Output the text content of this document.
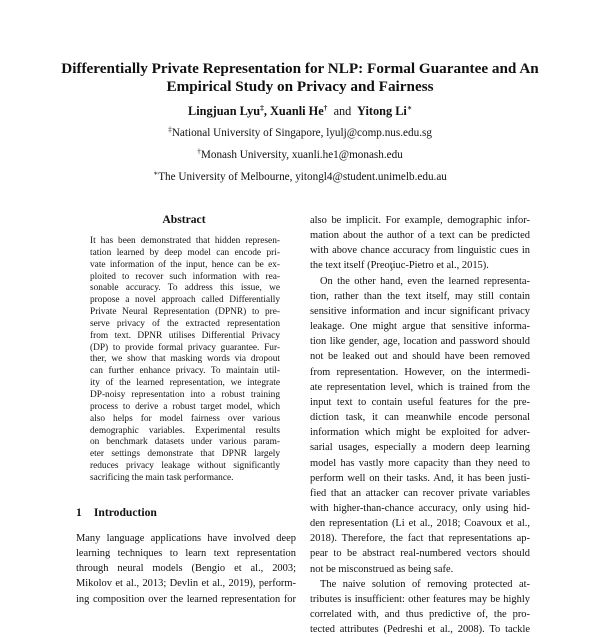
Differentially Private Representation for NLP: Formal Guarantee and An
Empirical Study on Privacy and Fairness
Lingjuan Lyu‡, Xuanli He† and Yitong Li∗
‡National University of Singapore, lyulj@comp.nus.edu.sg
†Monash University, xuanli.he1@monash.edu
∗The University of Melbourne, yitongl4@student.unimelb.edu.au
Abstract
It has been demonstrated that hidden represen-
tation learned by deep model can encode pri-
vate information of the input, hence can be ex-
ploited to recover such information with rea-
sonable accuracy. To address this issue, we
propose a novel approach called Differentially
Private Neural Representation (DPNR) to pre-
serve privacy of the extracted representation
from text. DPNR utilises Differential Privacy
(DP) to provide formal privacy guarantee. Fur-
ther, we show that masking words via dropout
can further enhance privacy. To maintain util-
ity of the learned representation, we integrate
DP-noisy representation into a robust training
process to derive a robust target model, which
also helps for model fairness over various
demographic variables. Experimental results
on benchmark datasets under various param-
eter settings demonstrate that DPNR largely
reduces privacy leakage without significantly
sacrificing the main task performance.
1 Introduction
Many language applications have involved deep
learning techniques to learn text representation
through neural models (Bengio et al., 2003;
Mikolov et al., 2013; Devlin et al., 2019), perform-
ing composition over the learned representation for
also be implicit. For example, demographic infor-
mation about the author of a text can be predicted
with above chance accuracy from linguistic cues in
the text itself (Preoţiuc-Pietro et al., 2015).
On the other hand, even the learned representa-
tion, rather than the text itself, may still contain
sensitive information and incur significant privacy
leakage. One might argue that sensitive informa-
tion like gender, age, location and password should
not be leaked out and should have been removed
from representation. However, on the intermedi-
ate representation level, which is trained from the
input text to contain useful features for the pre-
diction task, it can meanwhile encode personal
information which might be exploited for adver-
sarial usages, especially a modern deep learning
model has vastly more capacity than they need to
perform well on their tasks. And, it has been justi-
fied that an attacker can recover private variables
with higher-than-chance accuracy, only using hid-
den representation (Li et al., 2018; Coavoux et al.,
2018). Therefore, the fact that representations ap-
pear to be abstract real-numbered vectors should
not be misconstrued as being safe.
The naive solution of removing protected at-
tributes is insufficient: other features may be highly
correlated with, and thus predictive of, the pro-
tected attributes (Pedreshi et al., 2008). To tackle
